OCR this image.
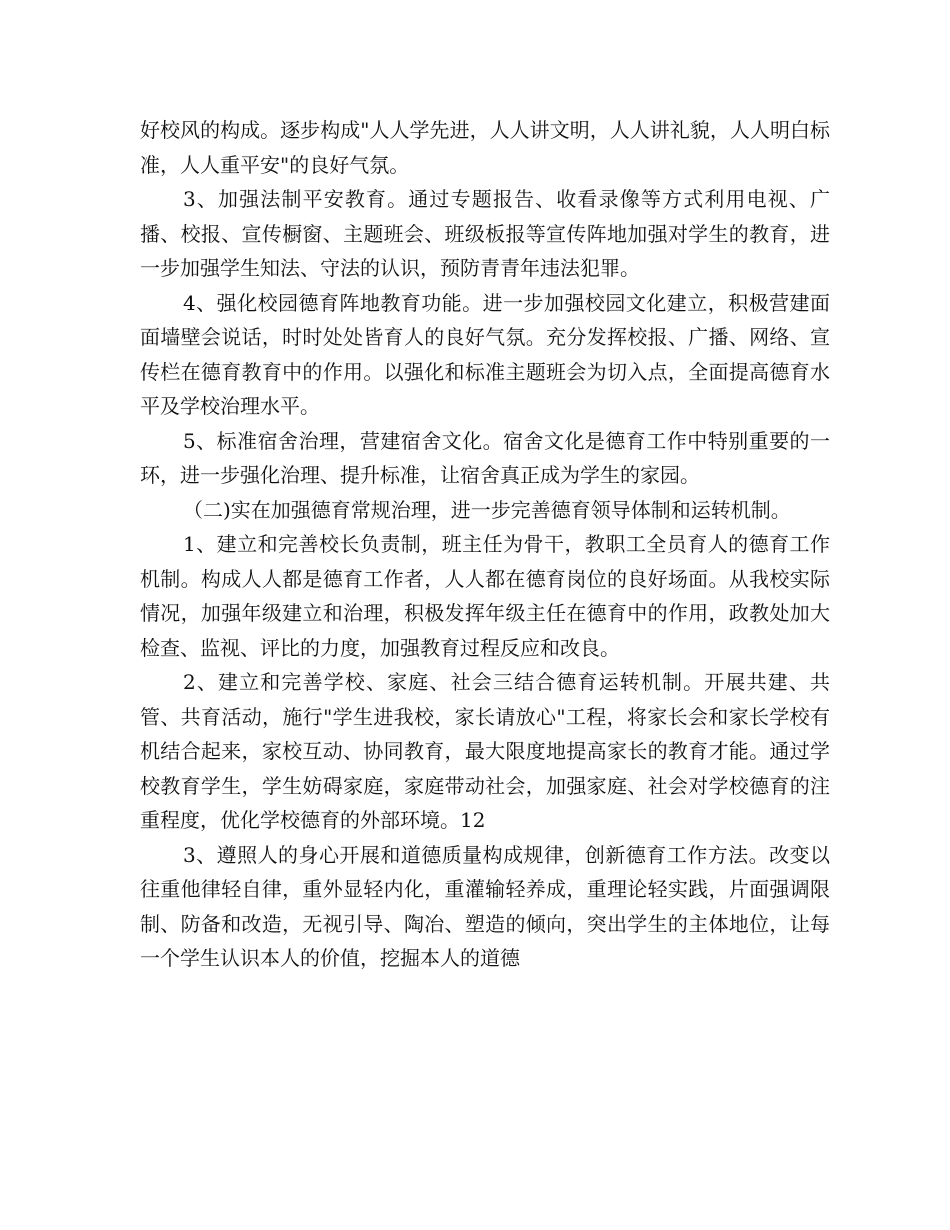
好校风的构成。逐步构成"人人学先进，人人讲文明，人人讲礼貌，人人明白标准，人人重平安"的良好气氛。

3、加强法制平安教育。通过专题报告、收看录像等方式利用电视、广播、校报、宣传橱窗、主题班会、班级板报等宣传阵地加强对学生的教育，进一步加强学生知法、守法的认识，预防青青年违法犯罪。

4、强化校园德育阵地教育功能。进一步加强校园文化建立，积极营建面面墙壁会说话，时时处处皆育人的良好气氛。充分发挥校报、广播、网络、宣传栏在德育教育中的作用。以强化和标准主题班会为切入点，全面提高德育水平及学校治理水平。

5、标准宿舍治理，营建宿舍文化。宿舍文化是德育工作中特别重要的一环，进一步强化治理、提升标准，让宿舍真正成为学生的家园。

（二)实在加强德育常规治理，进一步完善德育领导体制和运转机制。

1、建立和完善校长负责制，班主任为骨干，教职工全员育人的德育工作机制。构成人人都是德育工作者，人人都在德育岗位的良好场面。从我校实际情况，加强年级建立和治理，积极发挥年级主任在德育中的作用，政教处加大检查、监视、评比的力度，加强教育过程反应和改良。

2、建立和完善学校、家庭、社会三结合德育运转机制。开展共建、共管、共育活动，施行"学生进我校，家长请放心"工程，将家长会和家长学校有机结合起来，家校互动、协同教育，最大限度地提高家长的教育才能。通过学校教育学生，学生妨碍家庭，家庭带动社会，加强家庭、社会对学校德育的注重程度，优化学校德育的外部环境。12

3、遵照人的身心开展和道德质量构成规律，创新德育工作方法。改变以往重他律轻自律，重外显轻内化，重灌输轻养成，重理论轻实践，片面强调限制、防备和改造，无视引导、陶冶、塑造的倾向，突出学生的主体地位，让每一个学生认识本人的价值，挖掘本人的道德
